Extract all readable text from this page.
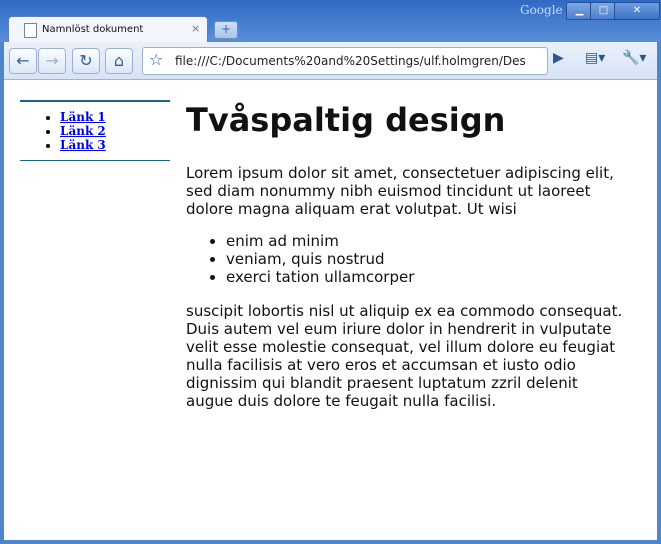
Google	▁	□	✕
Namnlöst dokument	×	+
← →	↻	⌂	☆ file:///C:/Documents%20and%20Settings/ulf.holmgren/Des	▶ ▤▾ 🔧▾
• Länk 1
• Länk 2
• Länk 3
Tvåspaltig design

Lorem ipsum dolor sit amet, consectetuer adipiscing elit, sed diam nonummy nibh euismod tincidunt ut laoreet dolore magna aliquam erat volutpat. Ut wisi

• enim ad minim
• veniam, quis nostrud
• exerci tation ullamcorper

suscipit lobortis nisl ut aliquip ex ea commodo consequat. Duis autem vel eum iriure dolor in hendrerit in vulputate velit esse molestie consequat, vel illum dolore eu feugiat nulla facilisis at vero eros et accumsan et iusto odio dignissim qui blandit praesent luptatum zzril delenit augue duis dolore te feugait nulla facilisi.
